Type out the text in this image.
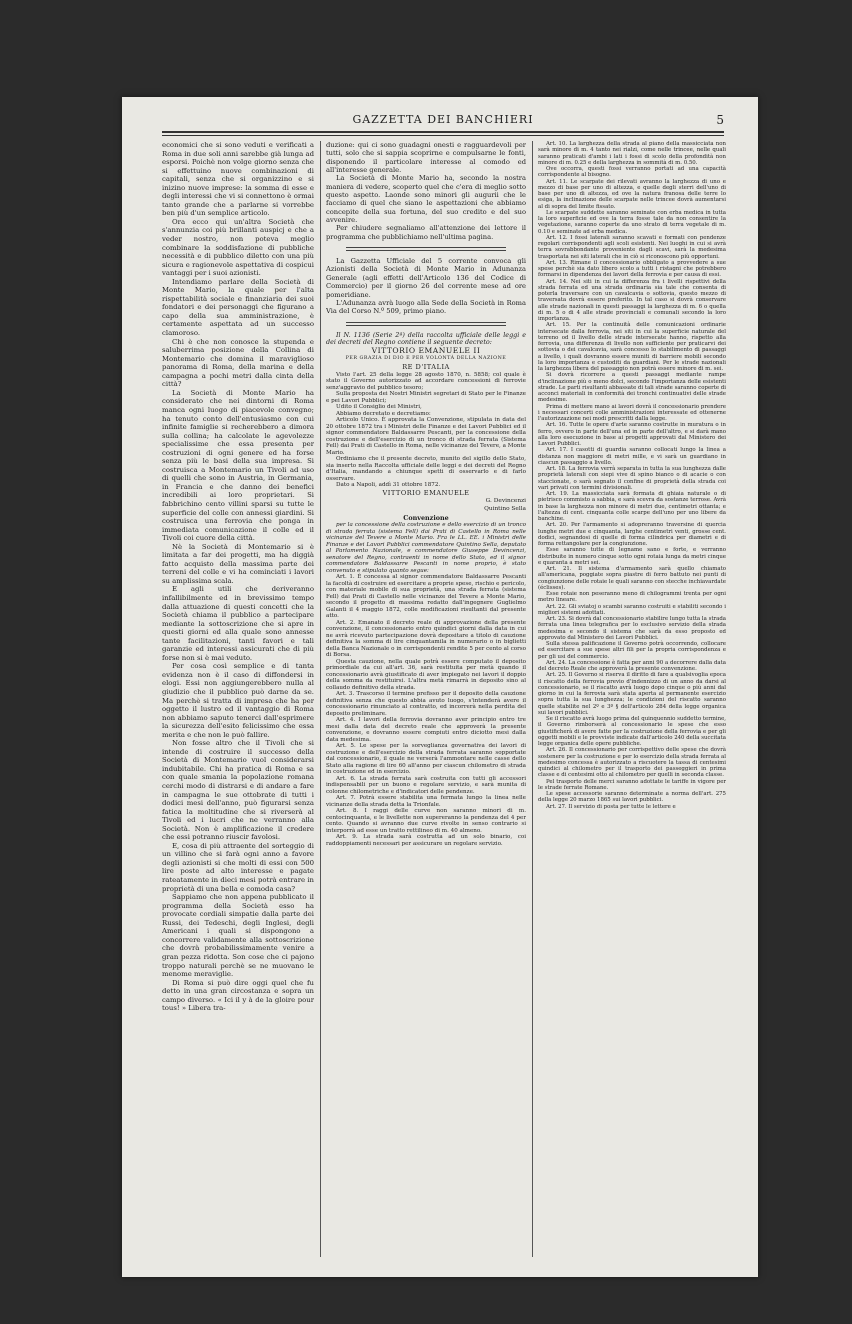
GAZZETTA DEI BANCHIERI	5

economici che si sono veduti e verificati a Roma in due soli anni sarebbe già lunga ad esporsi. Poichè non volge giorno senza che si effettuino nuove combinazioni di capitali, senza che si organizzino e si inizino nuove imprese: la somma di esse e degli interessi che vi si connettono è ormai tanto grande che a parlarne si vorrebbe ben più d'un semplice articolo.

Ora ecco qui un'altra Società che s'annunzia coi più brillanti auspicj e che a veder nostro, non poteva meglio combinare la soddisfazione di pubbliche necessità e di pubblico diletto con una più sicura e ragionevole aspettativa di cospicui vantaggi per i suoi azionisti.

Intendiamo parlare della Società di Monte Mario, la quale per l'alta rispettabilità sociale e finanziaria dei suoi fondatori e dei personaggi che figurano a capo della sua amministrazione, è certamente aspettata ad un successo clamoroso.

Chi è che non conosce la stupenda e saluberrima posizione della Collina di Montemario che domina il maraviglioso panorama di Roma, della marina e della campagna a pochi metri dalla cinta della città?

La Società di Monte Mario ha considerato che nei dintorni di Roma manca ogni luogo di piacevole convegno; ha tenuto conto dell'entusiasmo con cui infinite famiglie si recherebbero a dimora sulla collina; ha calcolate le agevolezze specialissime che essa presenta per costruzioni di ogni genere ed ha forse senza più le basi della sua impresa. Si costruisca a Montemario un Tivoli ad uso di quelli che sono in Austria, in Germania, in Francia e che danno dei benefici incredibili ai loro proprietari. Si fabbrichino cento villini sparsi su tutte le superficie del colle con annessi giardini. Si costruisca una ferrovia che ponga in immediata comunicazione il colle ed il Tivoli coi cuore della città.

Nè la Società di Montemario si è limitata a far dei progetti, ma ha diggià fatto acquisto della massima parte dei terreni del colle e vi ha cominciati i lavori su amplissima scala.

E agli utili che deriveranno infallibilmente ed in brevissimo tempo dalla attuazione di questi concetti che la Società chiama il pubblico a partecipare mediante la sottoscrizione che si apre in questi giorni ed alla quale sono annesse tante facilitazioni, tanti favori e tali garanzie ed interessi assicurati che di più forse non si è mai veduto.

Per cosa così semplice e di tanta evidenza non è il caso di diffondersi in elogi. Essi non aggiungerebbero nulla al giudizio che il pubblico può darne da se. Ma perchè si tratta di impresa che ha per oggetto il lustro ed il vantaggio di Roma non abbiamo saputo tenerci dall'esprimere la sicurezza dell'esito felicissimo che essa merita e che non le può fallire.

Non fosse altro che il Tivoli che si intende di costruire il successo della Società di Montemario vuol considerarsi indubitabile. Chi ha pratica di Roma e sa con quale smania la popolazione romana cerchi modo di distrarsi e di andare a fare in campagna le sue ottobrate di tutti i dodici mesi dell'anno, può figurarsi senza fatica la moltitudine che si riverserà al Tivoli ed i lucri che ne verranno alla Società. Non è amplificazione il credere che essi potranno riuscir favolosi.

E, cosa di più attraente del sorteggio di un villino che si farà ogni anno a favore degli azionisti si che molti di essi con 500 lire poste ad alto interesse e pagate rateatamente in dieci mesi potrà entrare in proprietà di una bella e comoda casa?

Sappiamo che non appena pubblicato il programma della Società esso ha provocate cordiali simpatie dalla parte dei Russi, dei Tedeschi, degli Inglesi, degli Americani i quali si dispongono a concorrere validamente alla sottoscrizione che dovrà probabilissimamente venire a gran pezza ridotta. Son cose che ci pajono troppo naturali perchè se ne muovano le menome meraviglie.

Di Roma si può dire oggi quel che fu detto in una gran circostanza e sopra un campo diverso. « Ici il y à de la gloire pour tous! » Libera tra-

duzione: qui ci sono guadagni onesti e ragguardevoli per tutti, solo che si sappia scoprirne e compulsarne le fonti, disponendo il particolare interesse al comodo ed all'interesse generale.

La Società di Monte Mario ha, secondo la nostra maniera di vedere, scoperto quel che c'era di meglio sotto questo aspetto. Laonde sono minori gli augurii che le facciamo di quel che siano le aspettazioni che abbiamo concepite della sua fortuna, del suo credito e del suo avvenire.

Per chiudere segnaliamo all'attenzione dei lettore il programma che pubblichiamo nell'ultima pagina.

La Gazzetta Ufficiale del 5 corrente convoca gli Azionisti della Società di Monte Mario in Adunanza Generale (agli effetti dell'Articolo 136 del Codice di Commercio) per il giorno 26 del corrente mese ad ore pomeridiane.

L'Adunanza avrà luogo alla Sede della Società in Roma Via del Corso N.º 509, primo piano.

Il N. 1136 (Serie 2ª) della raccolta ufficiale delle leggi e dei decreti del Regno contiene il seguente decreto:

VITTORIO EMANUELE II
PER GRAZIA DI DIO E PER VOLONTÀ DELLA NAZIONE
RE D'ITALIA

Visto l'art. 25 della legge 28 agosto 1870, n. 5858; col quale è stato il Governo autorizzato ad accordare concessioni di ferrovie senz'aggravio del pubblico tesoro;

Sulla proposta dei Nostri Ministri segretari di Stato per le Finanze e pei Lavori Pubblici;

Udito il Consiglio dei Ministri,

Abbiamo decretato e decretiamo:

Articolo Unico. È approvata la Convenzione, stipulata in data del 20 ottobre 1872 tra i Ministri delle Finanze e dei Lavori Pubblici ed il signor commendatore Baldassarre Pescanti, per la concessione della costruzione e dell'esercizio di un tronco di strada ferrata (Sistema Fell) dai Prati di Castello in Roma, nelle vicinanze del Tevere, a Monte Mario.

Ordiniamo che il presente decreto, munito del sigillo dello Stato, sia inserto nella Raccolta ufficiale delle leggi e dei decreti del Regno d'Italia, mandando a chiunque spetti di osservarlo e di farlo osservare.

Dato a Napoli, addì 31 ottobre 1872.

VITTORIO EMANUELE

G. Devincenzi

Quintino Sella

Convenzione

per la concessione della costruzione e dello esercizio di un tronco di strada ferrata (sistema Fell) dai Prati di Castello in Roma nelle vicinanze del Tevere a Monte Mario. Fra le LL. EE. i Ministri delle Finanze e dei Lavori Pubblici commendatore Quintino Sella, deputato al Parlamento Nazionale, e commendatore Giuseppe Devincenzi, senatore del Regno, contraenti in nome dello Stato, ed il signor commendatore Baldassarre Pescanti in nome proprio, è stato convenuto e stipulato quanto segue:

Art. 1. È concessa al signor commendatore Baldassarre Pescanti la facoltà di costruire ed esercitare a proprie spese, rischio e pericolo, con materiale mobile di sua proprietà, una strada ferrata (sistema Fell) dai Prati di Castello nelle vicinanze del Tevere a Monte Mario, secondo il progetto di massima redatto dall'ingegnere Guglielmo Galanti il 4 maggio 1872, colle modificazioni risultanti dal presente atto.

Art. 2. Emanato il decreto reale di approvazione della presente convenzione, il concessionario entro quindici giorni dalla data in cui ne avrà ricevuto partecipazione dovrà depositare a titolo di cauzione definitiva la somma di lire cinquantamila in numerario o in biglietti della Banca Nazionale o in corrispondenti rendite 5 per cento al corso di Borsa.

Questa cauzione, nella quale potrà essere computato il deposito primordiale da cui all'art. 36, sarà restituita per metà quando il concessionario avrà giustificato di aver impiegato nei lavori il doppio della somma da restituirsi. L'altra metà rimarrà in deposito sino al collaudo definitivo della strada.

Art. 3. Trascorso il termine prefisso per il deposito della cauzione definitiva senza che questo abbia avuto luogo, s'intenderà avere il concessionario rinunciato al contratto, ed incorrerà nella perdita del deposito preliminare.

Art. 4. I lavori della ferrovia dovranno aver principio entro tre mesi dalla data del decreto reale che approverà la presente convenzione, e dovranno essere compiuti entro diciotto mesi dalla data medesima.

Art. 5. Le spese per la sorveglianza governativa dei lavori di costruzione e dell'esercizio della strada ferrata saranno sopportate dal concessionario, il quale ne verserà l'ammontare nelle casse dello Stato alla ragione di lire 60 all'anno per ciascun chilometro di strada in costruzione ed in esercizio.

Art. 6. La strada ferrata sarà costruita con tutti gli accessori indispensabili per un buono e regolare servizio, e sarà munita di colonne chilometriche e d'indicatori delle pendenze.

Art. 7. Potrà essere stabilita una fermata lungo la linea nelle vicinanze della strada detta la Trionfale.

Art. 8. I raggi delle curve non saranno minori di m. centocinquanta, e le livellette non supereranno la pendenza del 4 per cento. Quando si avranno due curve rivolte in senso contrario si interporrà ad esse un tratto rettilineo di m. 40 almeno.

Art. 9. La strada sarà costrutta ad un solo binario, coi raddoppiamenti necessari per assicurare un regolare servizio.

Art. 10. La larghezza della strada al piano della massicciata non sarà minore di m. 4 tanto nei rialzi, come nelle trincee, nelle quali saranno praticati d'ambi i lati i fossi di scolo della profondità non minore di m. 0.25 e della larghezza in sommità di m. 0.50.

Ove occorra, questi fossi verranno portati ad una capacità corrispondente al bisogno.

Art. 11. Le scarpate dei rilevati avranno la larghezza di uno e mezzo di base per uno di altezza, e quelle degli sterri dell'uno di base per uno di altezza, ed ove la natura franosa delle terre lo esiga, la inclinazione delle scarpate nelle trincee dovrà aumentarsi al di sopra del limite fissato.

Le scarpate suddette saranno seminate con erba medica in tutta la loro superficie ed ove la terra fosse tale da non consentire la vegetazione, saranno coperte da uno strato di terra vegetale di m. 0.10 e seminate ad erba medica.

Art. 12. I fossi laterali saranno scavati e formati con pendenze regolari corrispondenti agli scoli esistenti. Nei luoghi in cui si avrà terra sovrabbondante proveniente dagli scavi, sarà la medesima trasportata nei siti laterali che in ciò si riconoscono più opportuni.

Art. 13. Rimane il concessionario obbligato a provvedere a sue spese perchè sia dato libero scolo a tutti i ristagni che potrebbero formarsi in dipendenza dei lavori della ferrovia e per causa di essi.

Art. 14. Nei siti in cui la differenza fra i livelli rispettivi della strada ferrata ed una strada ordinaria sia tale che consenta di poterla traversare con un cavalcavia o sottovia, questo mezzo di traversata dovrà essere preferito. In tal caso si dovrà conservare alle strade nazionali in questi passaggi la larghezza di m. 6 o quella di m. 5 o di 4 alle strade provinciali e comunali secondo la loro importanza.

Art. 15. Per la continuità delle comunicazioni ordinarie intersecate dalla ferrovia, nei siti in cui la superficie naturale del terreno od il livello delle strade intersecate hanno, rispetto alla ferrovia, una differenza di livello non sufficiente per praticarvi dei sottovia o dei cavalcavia, sarà concesso lo stabilimento di passaggi a livello, i quali dovranno essere muniti di barriere mobili secondo la loro importanza e custoditi da guardiani. Per le strade nazionali la larghezza libera del passaggio non potrà essere minore di m. sei.

Si dovrà ricorrere a questi passaggi mediante rampe d'inclinazione più o meno dolci, secondo l'importanza delle esistenti strade. Le parti risultanti abbassate di tali strade saranno coperte di acconci materiali in conformità dei tronchi continuativi delle strade medesime.

Prima di mettere mano ai lavori dovrà il concessionario prendere i necessari concerti colle amministrazioni interessate ed ottenerne l'autorizzazione nei modi prescritti dalla legge.

Art. 16. Tutte le opere d'arte saranno costrutte in muratura o in ferro, ovvero in parte dell'una ed in parte dell'altro, e si darà mano alla loro esecuzione in base ai progetti approvati dal Ministero dei Lavori Pubblici.

Art. 17. I casotti di guardia saranno collocati lungo la linea a distanza non maggiore di metri mille, e vi sarà un guardiano in ciascun passaggio a livello.

Art. 18. La ferrovia verrà separata in tutta la sua lunghezza dalle proprietà laterali con siepi vive di spino bianco o di acacie o con staccionate, o sarà segnato il confine di proprietà della strada coi vari privati con termini divisionali.

Art. 19. La massicciata sarà formata di ghiaia naturale o di pietrisco commisto a sabbia, e sarà scevra da sostanze terrose. Avrà in base la larghezza non minore di metri due, centimetri ottanta; e l'altezza di cent. cinquanta colle scarpe dell'uno per uno libere da banchine.

Art. 20. Per l'armamento si adopreranno traversine di quercia lunghe metri due e cinquanta, larghe centimetri venti, grosse cent. dodici, segnandosi di quelle di forma cilindrica per diametri e di forma rettangolare per la congiunzione.

Esse saranno tutte di legname sano e forte, e verranno distribuite in numero cinque sotto ogni rotaia lunga da metri cinque e quaranta a metri sei.

Art. 21. Il sistema d'armamento sarà quello chiamato all'americana, poggiate sopra piastre di ferro battuto nei punti di congiunzione delle rotaie le quali saranno con stecche inchiavardate (éclisses).

Esse rotaie non peseranno meno di chilogrammi trenta per ogni metro lineare.

Art. 22. Gli sviatoj o scambi saranno costruiti e stabiliti secondo i migliori sistemi adottati.

Art. 23. Si dovrà dal concessionario stabilire lungo tutta la strada ferrata una linea telegrafica per lo esclusivo servizio della strada medesima e secondo il sistema che sarà da esso proposto ed approvato dal Ministero dei Lavori Pubblici.

Sulla stessa palificazione il Governo potrà occorrendo, collocare ed esercitare a sue spese altri fili per la propria corrispondenza e per gli usi del commercio.

Art. 24. La concessione è fatta per anni 90 a decorrere dalla data del decreto Reale che approverà la presente convenzione.

Art. 25. Il Governo si riserva il diritto di fare a qualsivoglia epoca il riscatto della ferrovia previo d'indennizzo di un anno da darsi al concessionario, se il riscatto avrà luogo dopo cinque o più anni dal giorno in cui la ferrovia sarà stata aperta al permanente esercizio sopra tutta la sua lunghezza; le condizioni del riscatto saranno quelle stabilite nel 2º e 3º § dell'articolo 284 della legge organica sui lavori pubblici.

Se il riscatto avrà luogo prima del quinquennio suddetto termine, il Governo rimborserà al concessionario le spese che esso giustificherà di avere fatte per la costruzione della ferrovia e per gli oggetti mobili e le provviste indicate dall'articolo 240 della succitata legge organica delle opere pubbliche.

Art. 26. Il concessionario per corrispettivo delle spese che dovrà sostenere per la costruzione e per lo esercizio della strada ferrata al medesimo concessa è autorizzato a riscuotere la tassa di centesimi quindici al chilometro per il trasporto dei passeggieri in prima classe e di centesimi otto al chilometro per quelli in seconda classe.

Pel trasporto delle merci saranno adottate le tariffe in vigore per le strade ferrate Romane.

Le spese accessorie saranno determinate a norma dell'art. 275 della legge 20 marzo 1865 sui lavori pubblici.

Art. 27. Il servizio di posta per tutte le lettere e
